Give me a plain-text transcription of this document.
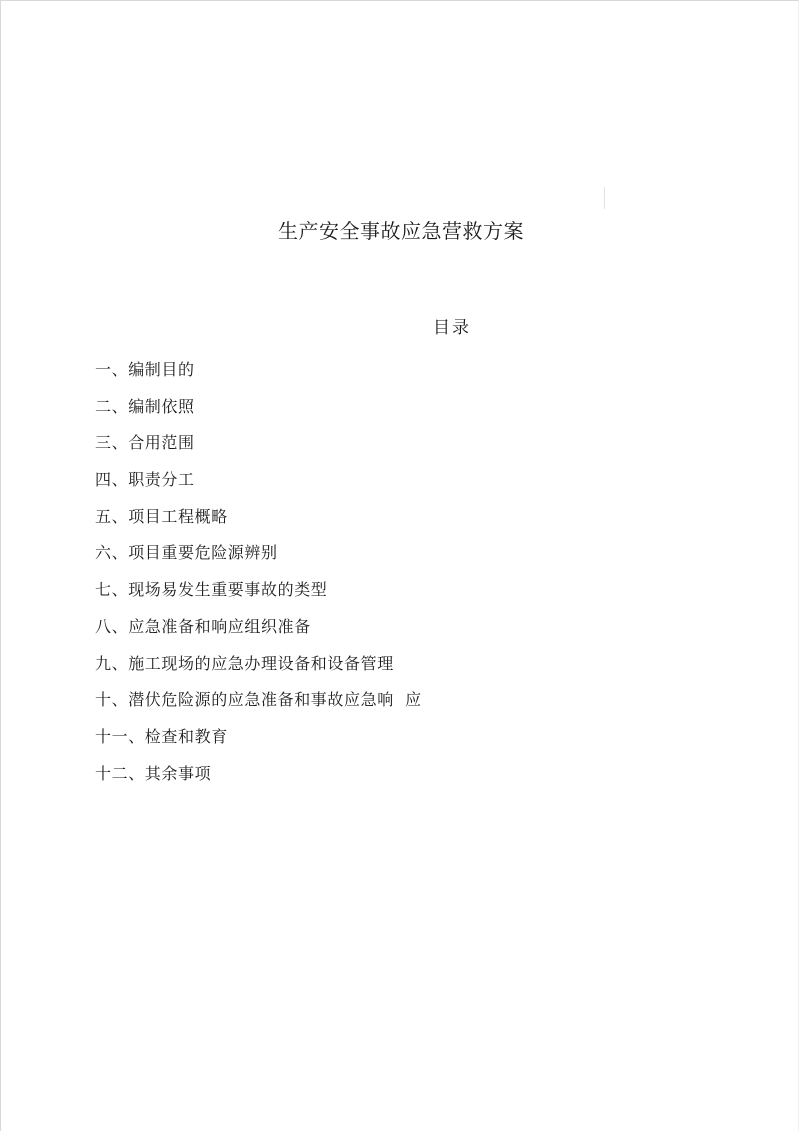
生产安全事故应急营救方案
目录
一、编制目的
二、编制依照
三、合用范围
四、职责分工
五、项目工程概略
六、项目重要危险源辨别
七、现场易发生重要事故的类型
八、应急准备和响应组织准备
九、施工现场的应急办理设备和设备管理
十、潜伏危险源的应急准备和事故应急响  应
十一、检查和教育
十二、其余事项
